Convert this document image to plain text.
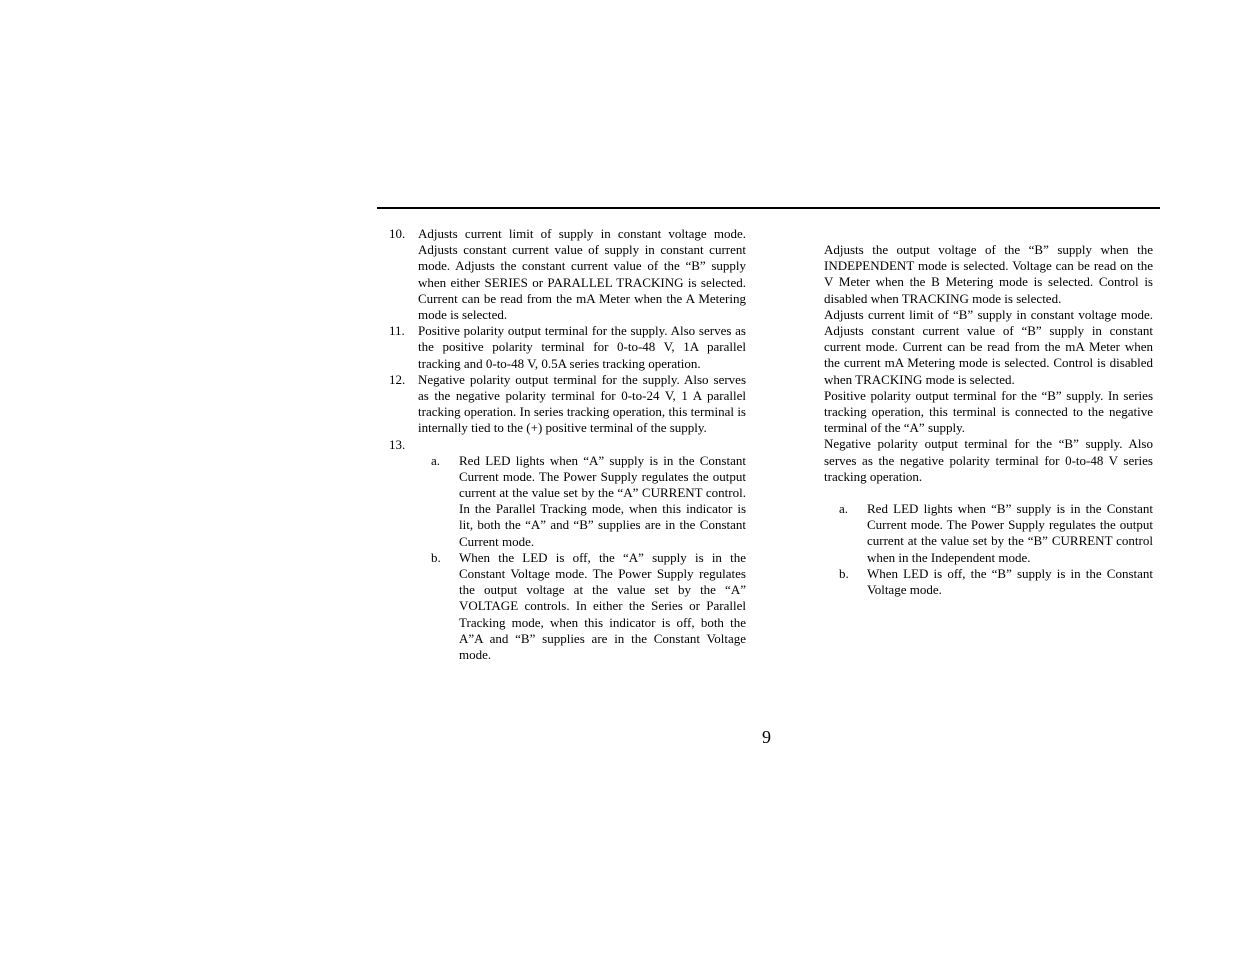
10. Adjusts current limit of supply in constant voltage mode. Adjusts constant current value of supply in constant current mode. Adjusts the constant current value of the “B” supply when either SERIES or PARALLEL TRACKING is selected. Current can be read from the mA Meter when the A Metering mode is selected.
11. Positive polarity output terminal for the supply. Also serves as the positive polarity terminal for 0-to-48 V, 1A parallel tracking and 0-to-48 V, 0.5A series tracking operation.
12. Negative polarity output terminal for the supply. Also serves as the negative polarity terminal for 0-to-24 V, 1 A parallel tracking operation. In series tracking operation, this terminal is internally tied to the (+) positive terminal of the supply.
13.
a. Red LED lights when “A” supply is in the Constant Current mode. The Power Supply regulates the output current at the value set by the “A” CURRENT control. In the Parallel Tracking mode, when this indicator is lit, both the “A” and “B” supplies are in the Constant Current mode.
b. When the LED is off, the “A” supply is in the Constant Voltage mode. The Power Supply regulates the output voltage at the value set by the “A” VOLTAGE controls. In either the Series or Parallel Tracking mode, when this indicator is off, both the A”A and “B” supplies are in the Constant Voltage mode.

Adjusts the output voltage of the “B” supply when the INDEPENDENT mode is selected. Voltage can be read on the V Meter when the B Metering mode is selected. Control is disabled when TRACKING mode is selected.

Adjusts current limit of “B” supply in constant voltage mode. Adjusts constant current value of “B” supply in constant current mode. Current can be read from the mA Meter when the current mA Metering mode is selected. Control is disabled when TRACKING mode is selected.

Positive polarity output terminal for the “B” supply. In series tracking operation, this terminal is connected to the negative terminal of the “A” supply.

Negative polarity output terminal for the “B” supply. Also serves as the negative polarity terminal for 0-to-48 V series tracking operation.

a. Red LED lights when “B” supply is in the Constant Current mode. The Power Supply regulates the output current at the value set by the “B” CURRENT control when in the Independent mode.
b. When LED is off, the “B” supply is in the Constant Voltage mode.
9
